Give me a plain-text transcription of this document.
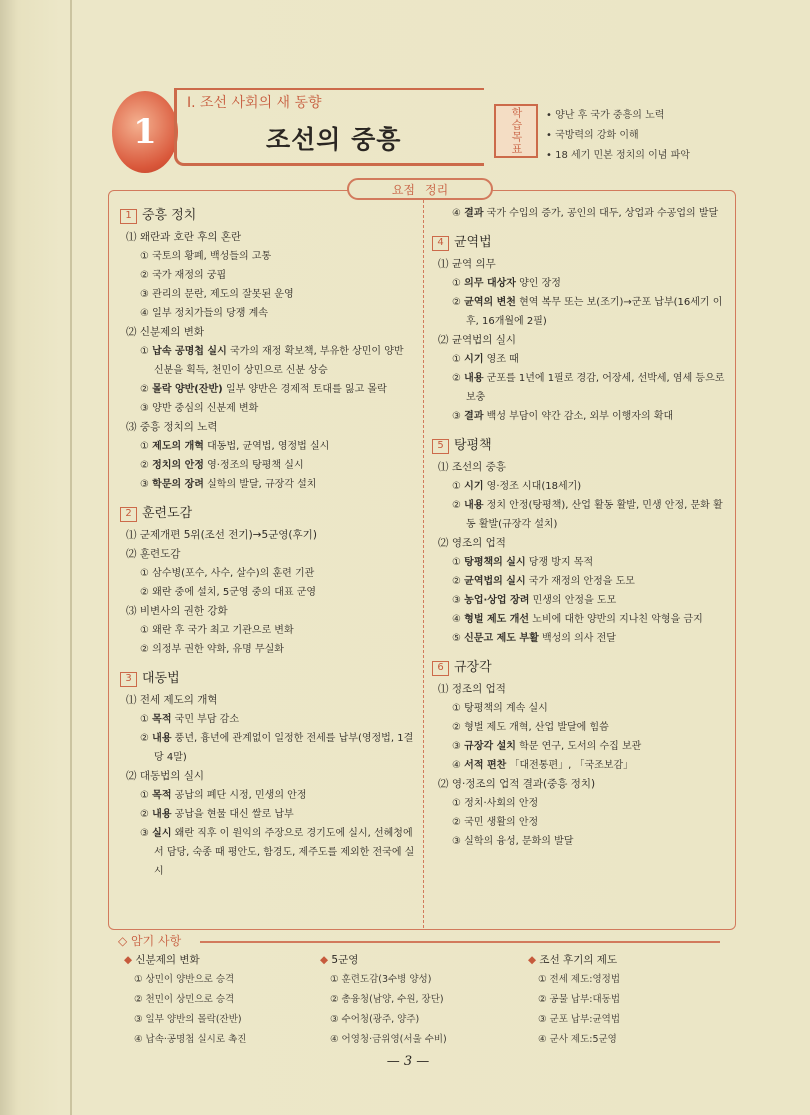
1
Ⅰ. 조선 사회의 새 동향
조선의 중흥	학습목표
•	양난 후 국가 중흥의 노력
• 국방력의 강화 이해
• 18 세기 민본 정치의 이념 파악
요점 정리
1 중흥 정치
⑴ 왜란과 호란 후의 혼란
① 국토의 황폐, 백성들의 고통
② 국가 재정의 궁핍
③ 관리의 문란, 제도의 잘못된 운영
④ 일부 정치가들의 당쟁 계속
⑵ 신분제의 변화
① 납속 공명첩 실시 국가의 재정 확보책, 부유한 상민이 양반 신분을 획득, 천민이 상민으로 신분 상승
② 몰락 양반(잔반) 일부 양반은 경제적 토대를 잃고 몰락
③ 양반 중심의 신분제 변화
⑶ 중흥 정치의 노력
① 제도의 개혁 대동법, 균역법, 영정법 실시
② 정치의 안정 영·정조의 탕평책 실시
③ 학문의 장려 실학의 발달, 규장각 설치
2 훈련도감
⑴ 군제개편 5위(조선 전기)→5군영(후기)
⑵ 훈련도감
① 삼수병(포수, 사수, 살수)의 훈련 기관
② 왜란 중에 설치, 5군영 중의 대표 군영
⑶ 비변사의 권한 강화
① 왜란 후 국가 최고 기관으로 변화
② 의정부 권한 약화, 유명 무실화
3 대동법
⑴ 전세 제도의 개혁
① 목적 국민 부담 감소
② 내용 풍년, 흉년에 관계없이 일정한 전세를 납부(영정법, 1결당 4말)
⑵ 대동법의 실시
① 목적 공납의 폐단 시정, 민생의 안정
② 내용 공납을 현물 대신 쌀로 납부
③ 실시 왜란 직후 이 원익의 주장으로 경기도에 실시, 선혜청에서 담당, 숙종 때 평안도, 함경도, 제주도를 제외한 전국에 실시
④ 결과 국가 수입의 증가, 공인의 대두, 상업과 수공업의 발달
4 균역법
⑴ 균역 의무
① 의무 대상자 양인 장정
② 균역의 변천 현역 복무 또는 보(조기)→군포 납부(16세기 이후, 16개월에 2필)
⑵ 균역법의 실시
① 시기 영조 때
② 내용 군포를 1년에 1필로 경감, 어장세, 선박세, 염세 등으로 보충
③ 결과 백성 부담이 약간 감소, 외부 이행자의 확대
5 탕평책
⑴ 조선의 중흥
① 시기 영·정조 시대(18세기)
② 내용 정치 안정(탕평책), 산업 활동 활발, 민생 안정, 문화 활동 활발(규장각 설치)
⑵ 영조의 업적
① 탕평책의 실시 당쟁 방지 목적
② 균역법의 실시 국가 재정의 안정을 도모
③ 농업·상업 장려 민생의 안정을 도모
④ 형벌 제도 개선 노비에 대한 양반의 지나친 악형을 금지
⑤ 신문고 제도 부활 백성의 의사 전달
6 규장각
⑴ 정조의 업적
① 탕평책의 계속 실시
② 형벌 제도 개혁, 산업 발달에 힘씀
③ 규장각 설치 학문 연구, 도서의 수집 보관
④ 서적 편찬 「대전통편」, 「국조보감」
⑵ 영·정조의 업적 결과(중흥 정치)
① 정치·사회의 안정
② 국민 생활의 안정
③ 실학의 융성, 문화의 발달
◇ 암기 사항
◆ 신분제의 변화
① 상민이 양반으로 승격
② 천민이 상민으로 승격
③ 일부 양반의 몰락(잔반)
④ 납속·공명첩 실시로 촉진
◆ 5군영
① 훈련도감(3수병 양성)
② 총융청(남양, 수원, 장단)
③ 수어청(광주, 양주)
④ 어영청·금위영(서울 수비)
◆ 조선 후기의 제도
① 전세 제도:영정법
② 공물 납부:대동법
③ 군포 납부:균역법
④ 군사 제도:5군영
— 3 —
